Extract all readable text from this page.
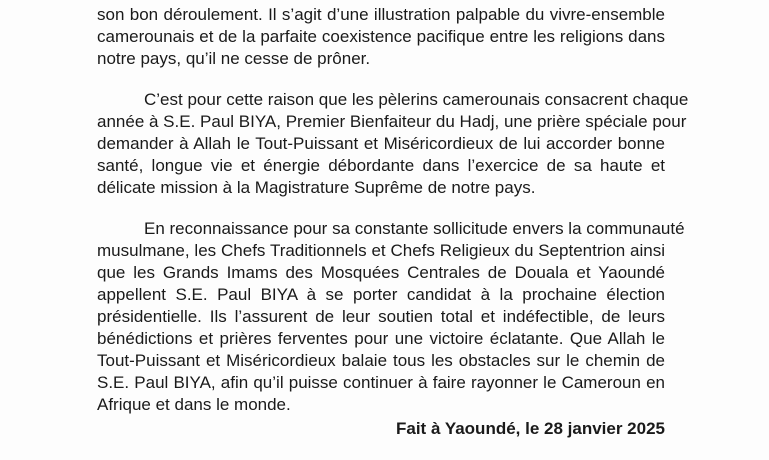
son bon déroulement. Il s’agit d’une illustration palpable du vivre-ensemble
camerounais et de la parfaite coexistence pacifique entre les religions dans
notre pays, qu’il ne cesse de prôner.
C’est pour cette raison que les pèlerins camerounais consacrent chaque
année à S.E. Paul BIYA, Premier Bienfaiteur du Hadj, une prière spéciale pour
demander à Allah le Tout-Puissant et Miséricordieux de lui accorder bonne
santé, longue vie et énergie débordante dans l’exercice de sa haute et
délicate mission à la Magistrature Suprême de notre pays.
En reconnaissance pour sa constante sollicitude envers la communauté
musulmane, les Chefs Traditionnels et Chefs Religieux du Septentrion ainsi
que les Grands Imams des Mosquées Centrales de Douala et Yaoundé
appellent S.E. Paul BIYA à se porter candidat à la prochaine élection
présidentielle. Ils l’assurent de leur soutien total et indéfectible, de leurs
bénédictions et prières ferventes pour une victoire éclatante. Que Allah le
Tout-Puissant et Miséricordieux balaie tous les obstacles sur le chemin de
S.E. Paul BIYA, afin qu’il puisse continuer à faire rayonner le Cameroun en
Afrique et dans le monde.
Fait à Yaoundé, le 28 janvier 2025
